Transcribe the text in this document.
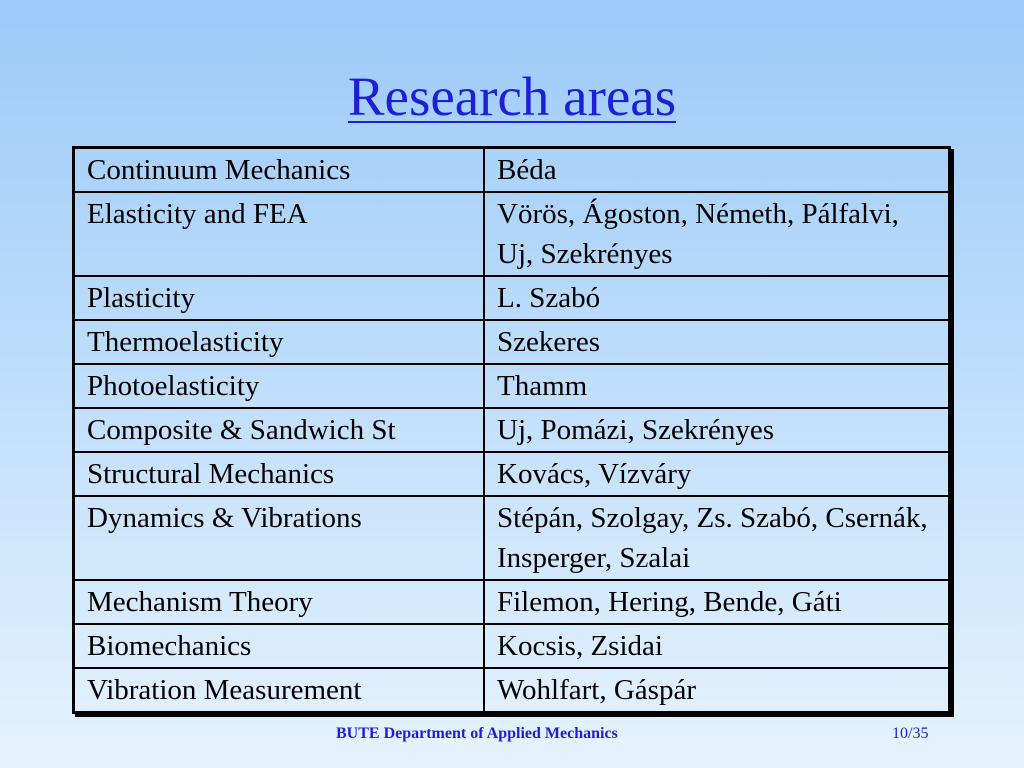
Research areas
Continuum Mechanics	Béda
Elasticity and FEA	Vörös, Ágoston, Németh, Pálfalvi, Uj, Szekrényes
Plasticity	L. Szabó
Thermoelasticity	Szekeres
Photoelasticity	Thamm
Composite & Sandwich St	Uj, Pomázi, Szekrényes
Structural Mechanics	Kovács, Vízváry
Dynamics & Vibrations	Stépán, Szolgay, Zs. Szabó, Csernák, Insperger, Szalai
Mechanism Theory	Filemon, Hering, Bende, Gáti
Biomechanics	Kocsis, Zsidai
Vibration Measurement	Wohlfart, Gáspár
BUTE Department of Applied Mechanics	10/35
